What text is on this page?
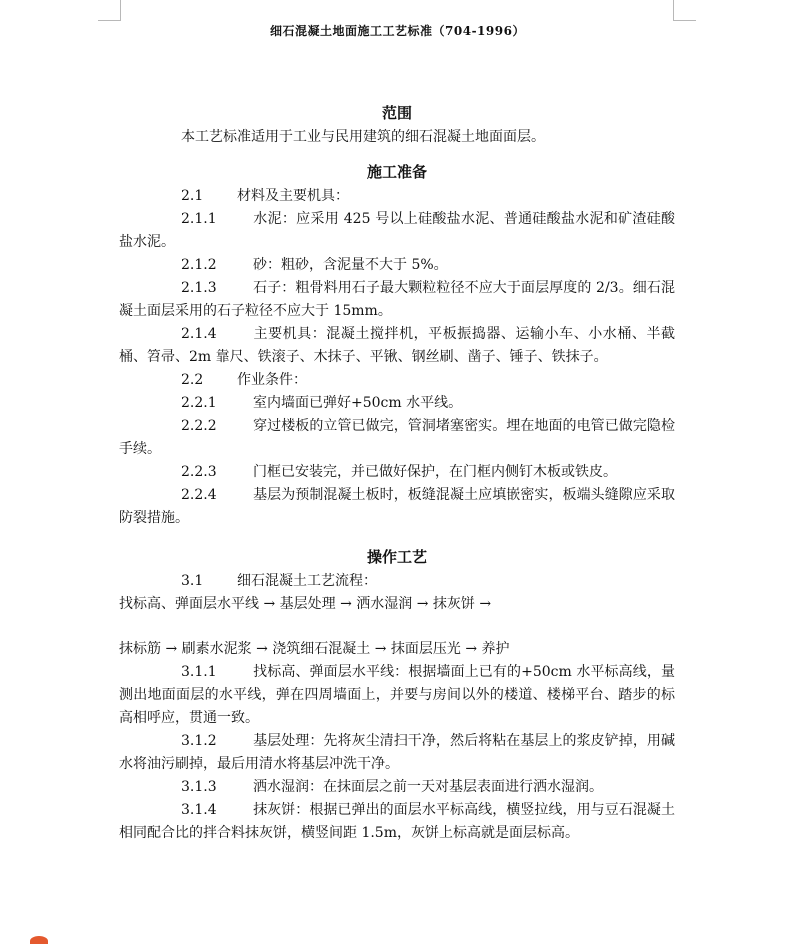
细石混凝土地面施工工艺标准（704-1996）
范围

本工艺标准适用于工业与民用建筑的细石混凝土地面面层。

施工准备

2.1 材料及主要机具：

2.1.1	水泥：应采用 425 号以上硅酸盐水泥、普通硅酸盐水泥和矿渣硅酸盐水泥。

2.1.2	砂：粗砂，含泥量不大于 5%。

2.1.3	石子：粗骨料用石子最大颗粒粒径不应大于面层厚度的 2/3。细石混凝土面层采用的石子粒径不应大于 15mm。

2.1.4	主要机具：混凝土搅拌机，平板振捣器、运输小车、小水桶、半截桶、笤帚、2m 靠尺、铁滚子、木抹子、平锹、钢丝刷、凿子、锤子、铁抹子。

2.2 作业条件：

2.2.1	室内墙面已弹好+50cm 水平线。

2.2.2	穿过楼板的立管已做完，管洞堵塞密实。埋在地面的电管已做完隐检手续。

2.2.3	门框已安装完，并已做好保护，在门框内侧钉木板或铁皮。

2.2.4	基层为预制混凝土板时，板缝混凝土应填嵌密实，板端头缝隙应采取防裂措施。

操作工艺

3.1 细石混凝土工艺流程：

找标高、弹面层水平线 → 基层处理 → 洒水湿润 → 抹灰饼 →

抹标筋 → 刷素水泥浆 → 浇筑细石混凝土 → 抹面层压光 → 养护

3.1.1	找标高、弹面层水平线：根据墙面上已有的+50cm 水平标高线，量测出地面面层的水平线，弹在四周墙面上，并要与房间以外的楼道、楼梯平台、踏步的标高相呼应，贯通一致。

3.1.2	基层处理：先将灰尘清扫干净，然后将粘在基层上的浆皮铲掉，用碱水将油污刷掉，最后用清水将基层冲洗干净。

3.1.3	洒水湿润：在抹面层之前一天对基层表面进行洒水湿润。

3.1.4	抹灰饼：根据已弹出的面层水平标高线，横竖拉线，用与豆石混凝土相同配合比的拌合料抹灰饼，横竖间距 1.5m，灰饼上标高就是面层标高。
